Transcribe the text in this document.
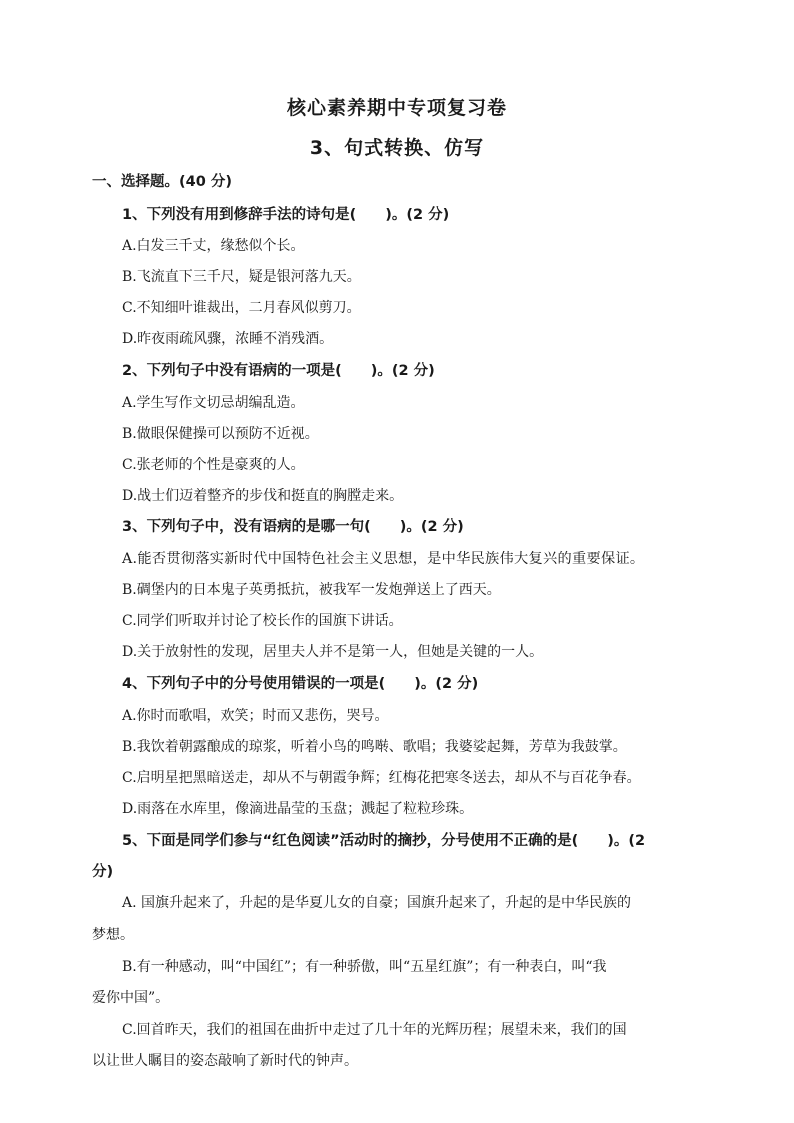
核心素养期中专项复习卷
3、句式转换、仿写
一、选择题。(40 分)
1、下列没有用到修辞手法的诗句是(　　)。(2 分)
A.白发三千丈，缘愁似个长。
B.飞流直下三千尺，疑是银河落九天。
C.不知细叶谁裁出，二月春风似剪刀。
D.昨夜雨疏风骤，浓睡不消残酒。
2、下列句子中没有语病的一项是(　　)。(2 分)
A.学生写作文切忌胡编乱造。
B.做眼保健操可以预防不近视。
C.张老师的个性是豪爽的人。
D.战士们迈着整齐的步伐和挺直的胸膛走来。
3、下列句子中，没有语病的是哪一句(　　)。(2 分)
A.能否贯彻落实新时代中国特色社会主义思想，是中华民族伟大复兴的重要保证。
B.碉堡内的日本鬼子英勇抵抗，被我军一发炮弹送上了西天。
C.同学们听取并讨论了校长作的国旗下讲话。
D.关于放射性的发现，居里夫人并不是第一人，但她是关键的一人。
4、下列句子中的分号使用错误的一项是(　　)。(2 分)
A.你时而歌唱，欢笑；时而又悲伤，哭号。
B.我饮着朝露酿成的琼浆，听着小鸟的鸣啭、歌唱；我婆娑起舞，芳草为我鼓掌。
C.启明星把黑暗送走，却从不与朝霞争辉；红梅花把寒冬送去，却从不与百花争春。
D.雨落在水库里，像滴进晶莹的玉盘；溅起了粒粒珍珠。
5、下面是同学们参与“红色阅读”活动时的摘抄，分号使用不正确的是(　　)。(2
分)
A. 国旗升起来了，升起的是华夏儿女的自豪；国旗升起来了，升起的是中华民族的
梦想。
B.有一种感动，叫“中国红”；有一种骄傲，叫“五星红旗”；有一种表白，叫“我
爱你中国”。
C.回首昨天，我们的祖国在曲折中走过了几十年的光辉历程；展望未来，我们的国
以让世人瞩目的姿态敲响了新时代的钟声。
